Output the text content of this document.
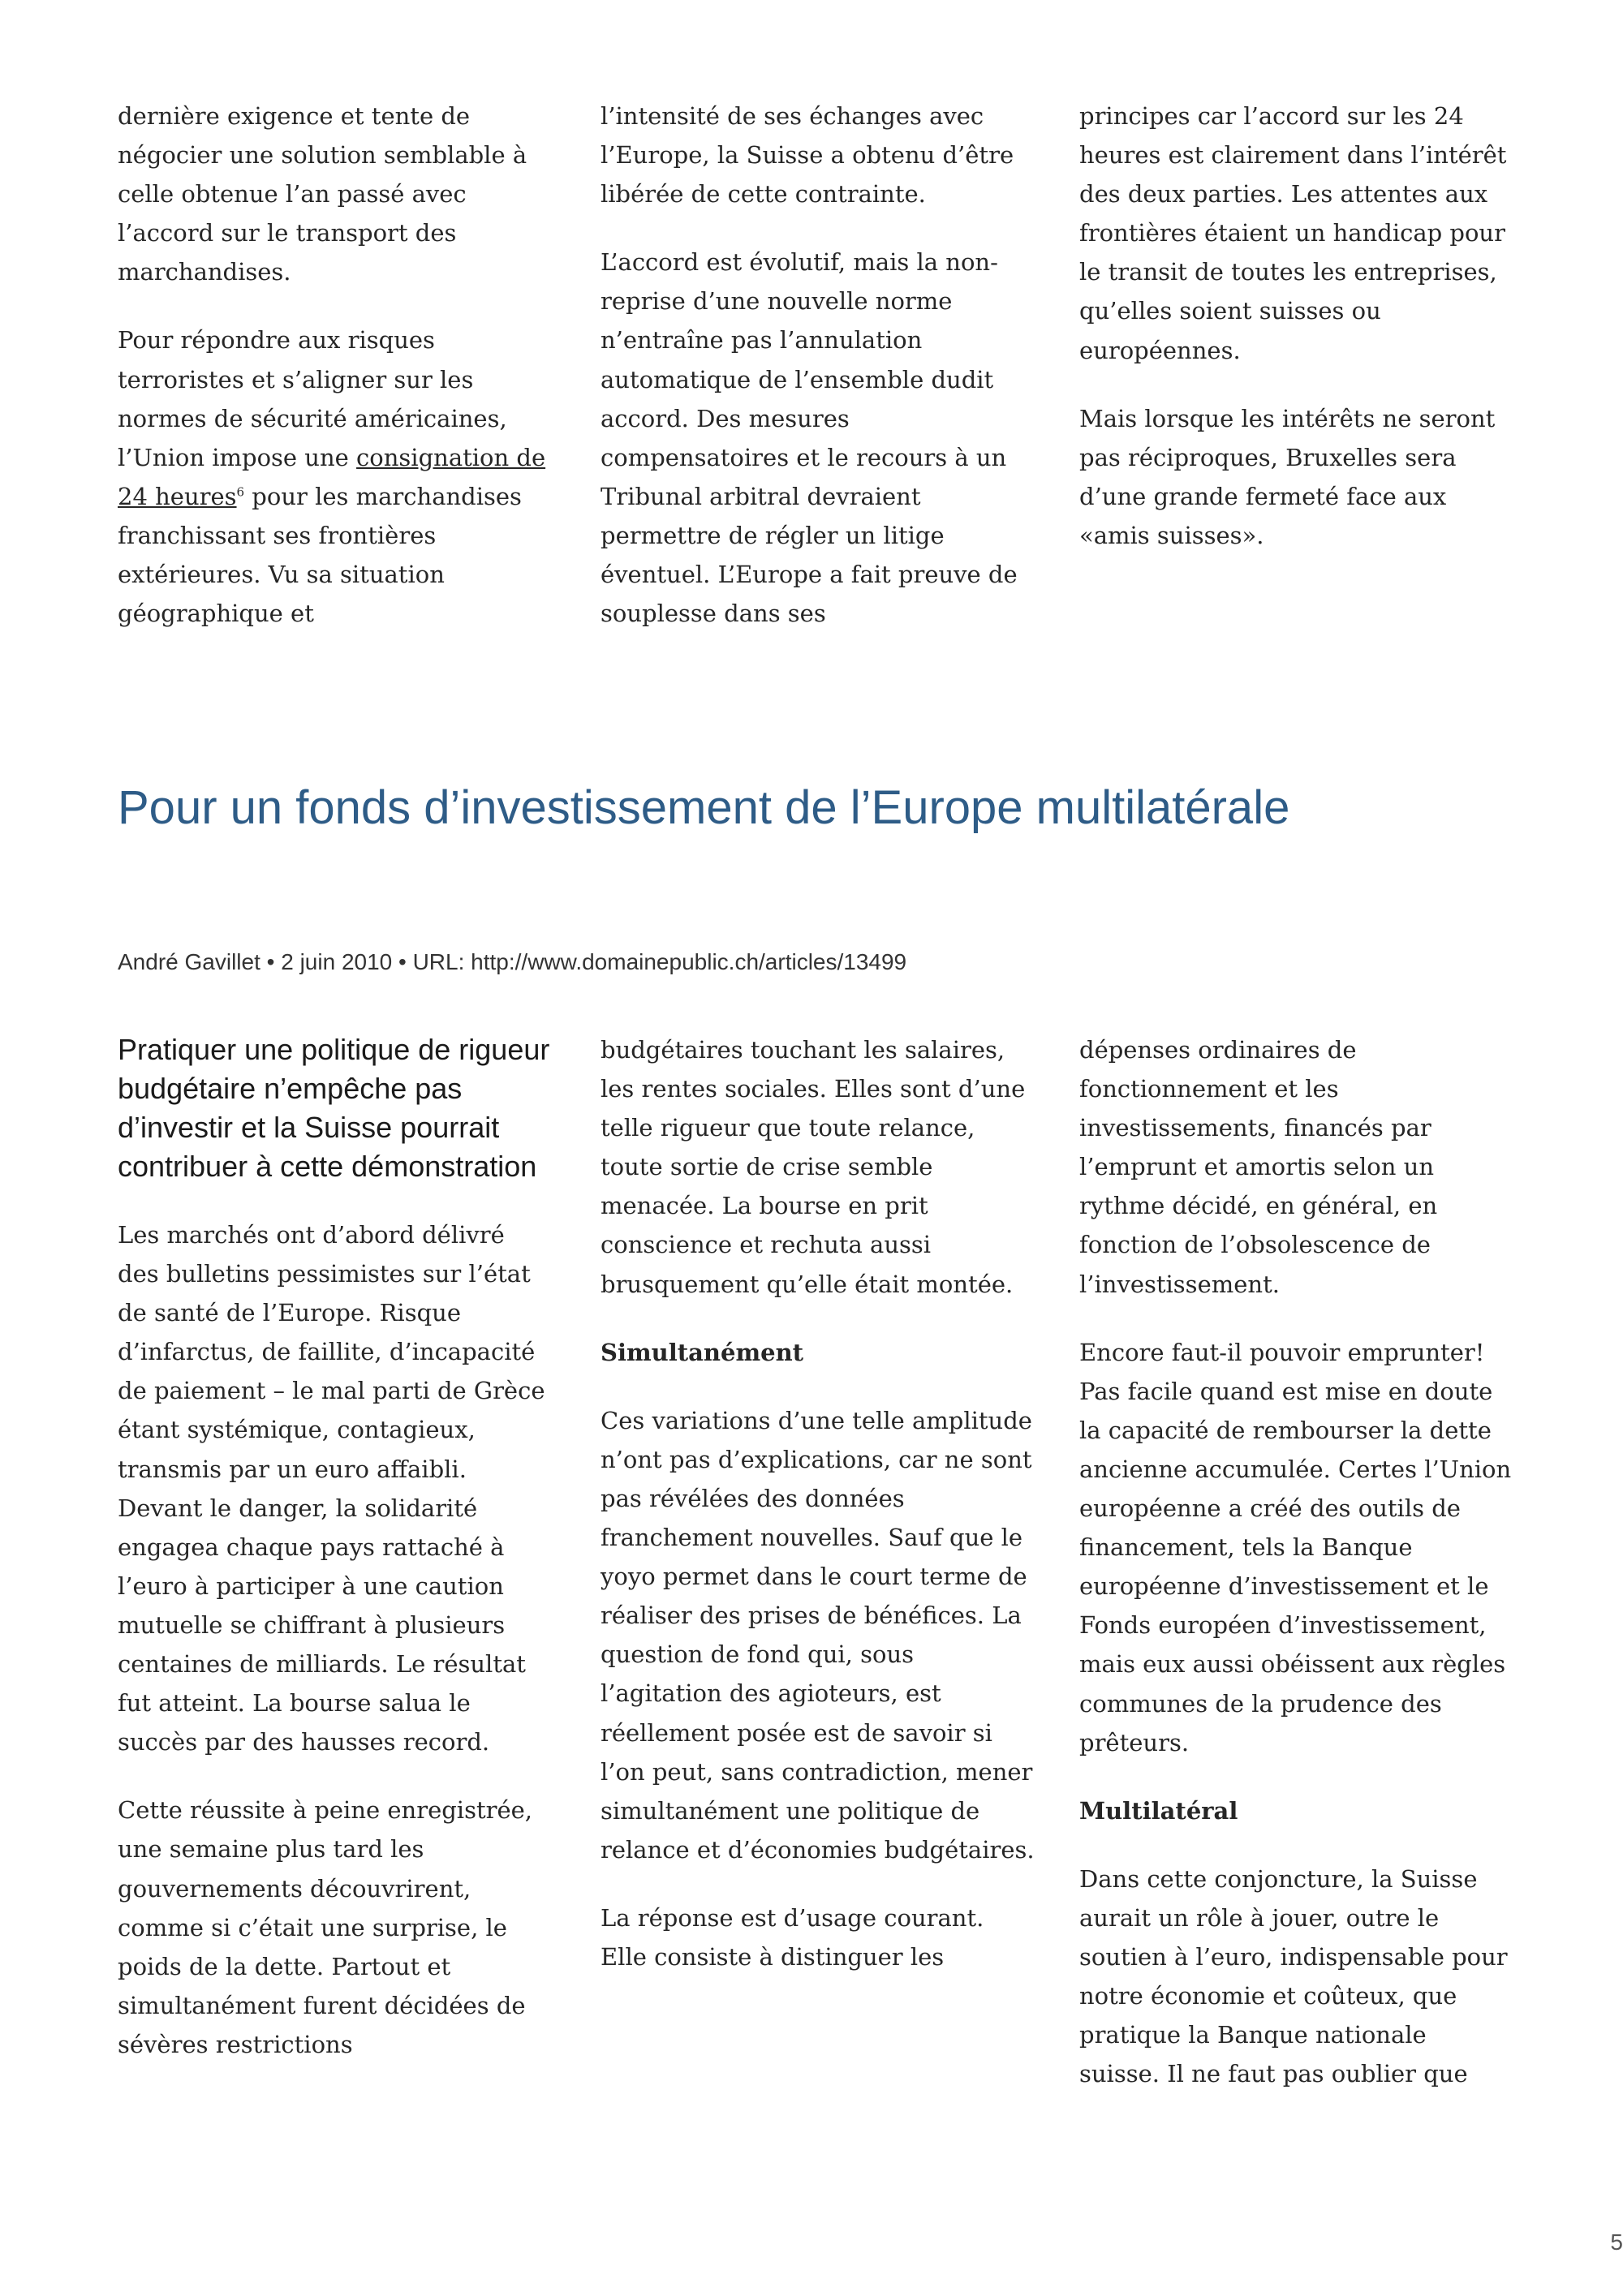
dernière exigence et tente de négocier une solution semblable à celle obtenue l’an passé avec l’accord sur le transport des marchandises.

Pour répondre aux risques terroristes et s’aligner sur les normes de sécurité américaines, l’Union impose une consignation de 24 heures$^6$ pour les marchandises franchissant ses frontières extérieures. Vu sa situation géographique et

l’intensité de ses échanges avec l’Europe, la Suisse a obtenu d’être libérée de cette contrainte.

L’accord est évolutif, mais la non-reprise d’une nouvelle norme n’entraîne pas l’annulation automatique de l’ensemble dudit accord. Des mesures compensatoires et le recours à un Tribunal arbitral devraient permettre de régler un litige éventuel. L’Europe a fait preuve de souplesse dans ses

principes car l’accord sur les 24 heures est clairement dans l’intérêt des deux parties. Les attentes aux frontières étaient un handicap pour le transit de toutes les entreprises, qu’elles soient suisses ou européennes.

Mais lorsque les intérêts ne seront pas réciproques, Bruxelles sera d’une grande fermeté face aux «amis suisses».

Pour un fonds d’investissement de l’Europe multilatérale
André Gavillet • 2 juin 2010 • URL: http://www.domainepublic.ch/articles/13499
Pratiquer une politique de rigueur budgétaire n’empêche pas d’investir et la Suisse pourrait contribuer à cette démonstration

Les marchés ont d’abord délivré des bulletins pessimistes sur l’état de santé de l’Europe. Risque d’infarctus, de faillite, d’incapacité de paiement – le mal parti de Grèce étant systémique, contagieux, transmis par un euro affaibli. Devant le danger, la solidarité engagea chaque pays rattaché à l’euro à participer à une caution mutuelle se chiffrant à plusieurs centaines de milliards. Le résultat fut atteint. La bourse salua le succès par des hausses record.

Cette réussite à peine enregistrée, une semaine plus tard les gouvernements découvrirent, comme si c’était une surprise, le poids de la dette. Partout et simultanément furent décidées de sévères restrictions

budgétaires touchant les salaires, les rentes sociales. Elles sont d’une telle rigueur que toute relance, toute sortie de crise semble menacée. La bourse en prit conscience et rechuta aussi brusquement qu’elle était montée.

Simultanément

Ces variations d’une telle amplitude n’ont pas d’explications, car ne sont pas révélées des données franchement nouvelles. Sauf que le yoyo permet dans le court terme de réaliser des prises de bénéfices. La question de fond qui, sous l’agitation des agioteurs, est réellement posée est de savoir si l’on peut, sans contradiction, mener simultanément une politique de relance et d’économies budgétaires.

La réponse est d’usage courant. Elle consiste à distinguer les

dépenses ordinaires de fonctionnement et les investissements, financés par l’emprunt et amortis selon un rythme décidé, en général, en fonction de l’obsolescence de l’investissement.

Encore faut-il pouvoir emprunter! Pas facile quand est mise en doute la capacité de rembourser la dette ancienne accumulée. Certes l’Union européenne a créé des outils de financement, tels la Banque européenne d’investissement et le Fonds européen d’investissement, mais eux aussi obéissent aux règles communes de la prudence des prêteurs.

Multilatéral

Dans cette conjoncture, la Suisse aurait un rôle à jouer, outre le soutien à l’euro, indispensable pour notre économie et coûteux, que pratique la Banque nationale suisse. Il ne faut pas oublier que

5
